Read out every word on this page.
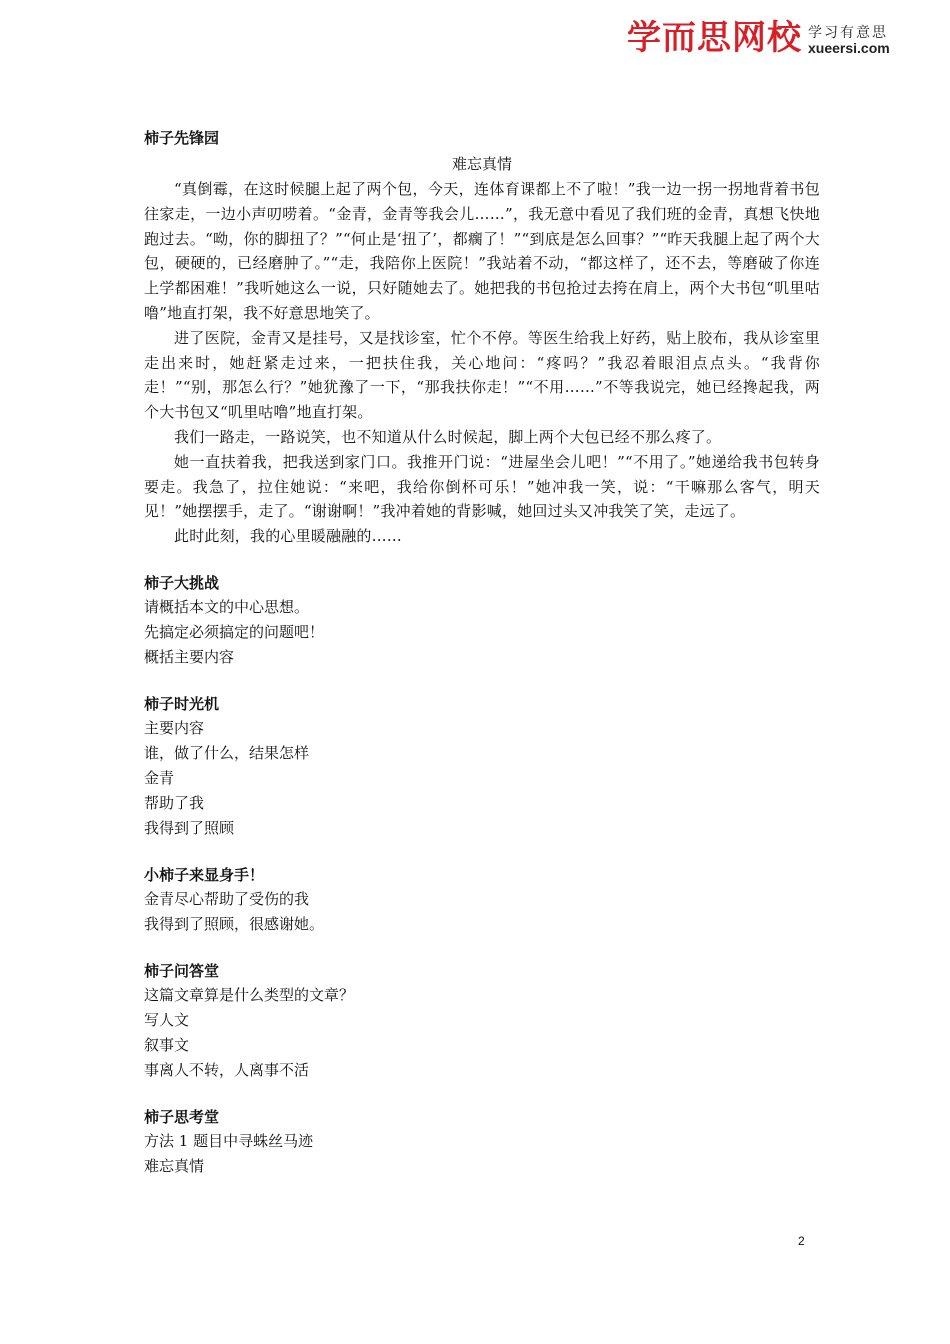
学而思网校 学习有意思
xueersi.com

柿子先锋园

难忘真情

“真倒霉，在这时候腿上起了两个包，今天，连体育课都上不了啦！”我一边一拐一拐地背着书包往家走，一边小声叨唠着。“金青，金青等我会儿……”，我无意中看见了我们班的金青，真想飞快地跑过去。“呦，你的脚扭了？”“何止是‘扭了’，都瘸了！”“到底是怎么回事？”“昨天我腿上起了两个大包，硬硬的，已经磨肿了。”“走，我陪你上医院！”我站着不动，“都这样了，还不去，等磨破了你连上学都困难！”我听她这么一说，只好随她去了。她把我的书包抢过去挎在肩上，两个大书包“叽里咕噜”地直打架，我不好意思地笑了。

进了医院，金青又是挂号，又是找诊室，忙个不停。等医生给我上好药，贴上胶布，我从诊室里走出来时，她赶紧走过来，一把扶住我，关心地问：“疼吗？”我忍着眼泪点点头。“我背你走！”“别，那怎么行？”她犹豫了一下，“那我扶你走！”“不用……”不等我说完，她已经搀起我，两个大书包又“叽里咕噜”地直打架。

我们一路走，一路说笑，也不知道从什么时候起，脚上两个大包已经不那么疼了。

她一直扶着我，把我送到家门口。我推开门说：“进屋坐会儿吧！”“不用了。”她递给我书包转身要走。我急了，拉住她说：“来吧，我给你倒杯可乐！”她冲我一笑，说：“干嘛那么客气，明天见！”她摆摆手，走了。“谢谢啊！”我冲着她的背影喊，她回过头又冲我笑了笑，走远了。

此时此刻，我的心里暖融融的……

柿子大挑战

请概括本文的中心思想。

先搞定必须搞定的问题吧！

概括主要内容

柿子时光机

主要内容

谁，做了什么，结果怎样

金青

帮助了我

我得到了照顾

小柿子来显身手！

金青尽心帮助了受伤的我

我得到了照顾，很感谢她。

柿子问答堂

这篇文章算是什么类型的文章？

写人文

叙事文

事离人不转，人离事不活

柿子思考堂

方法 1 题目中寻蛛丝马迹

难忘真情

2
